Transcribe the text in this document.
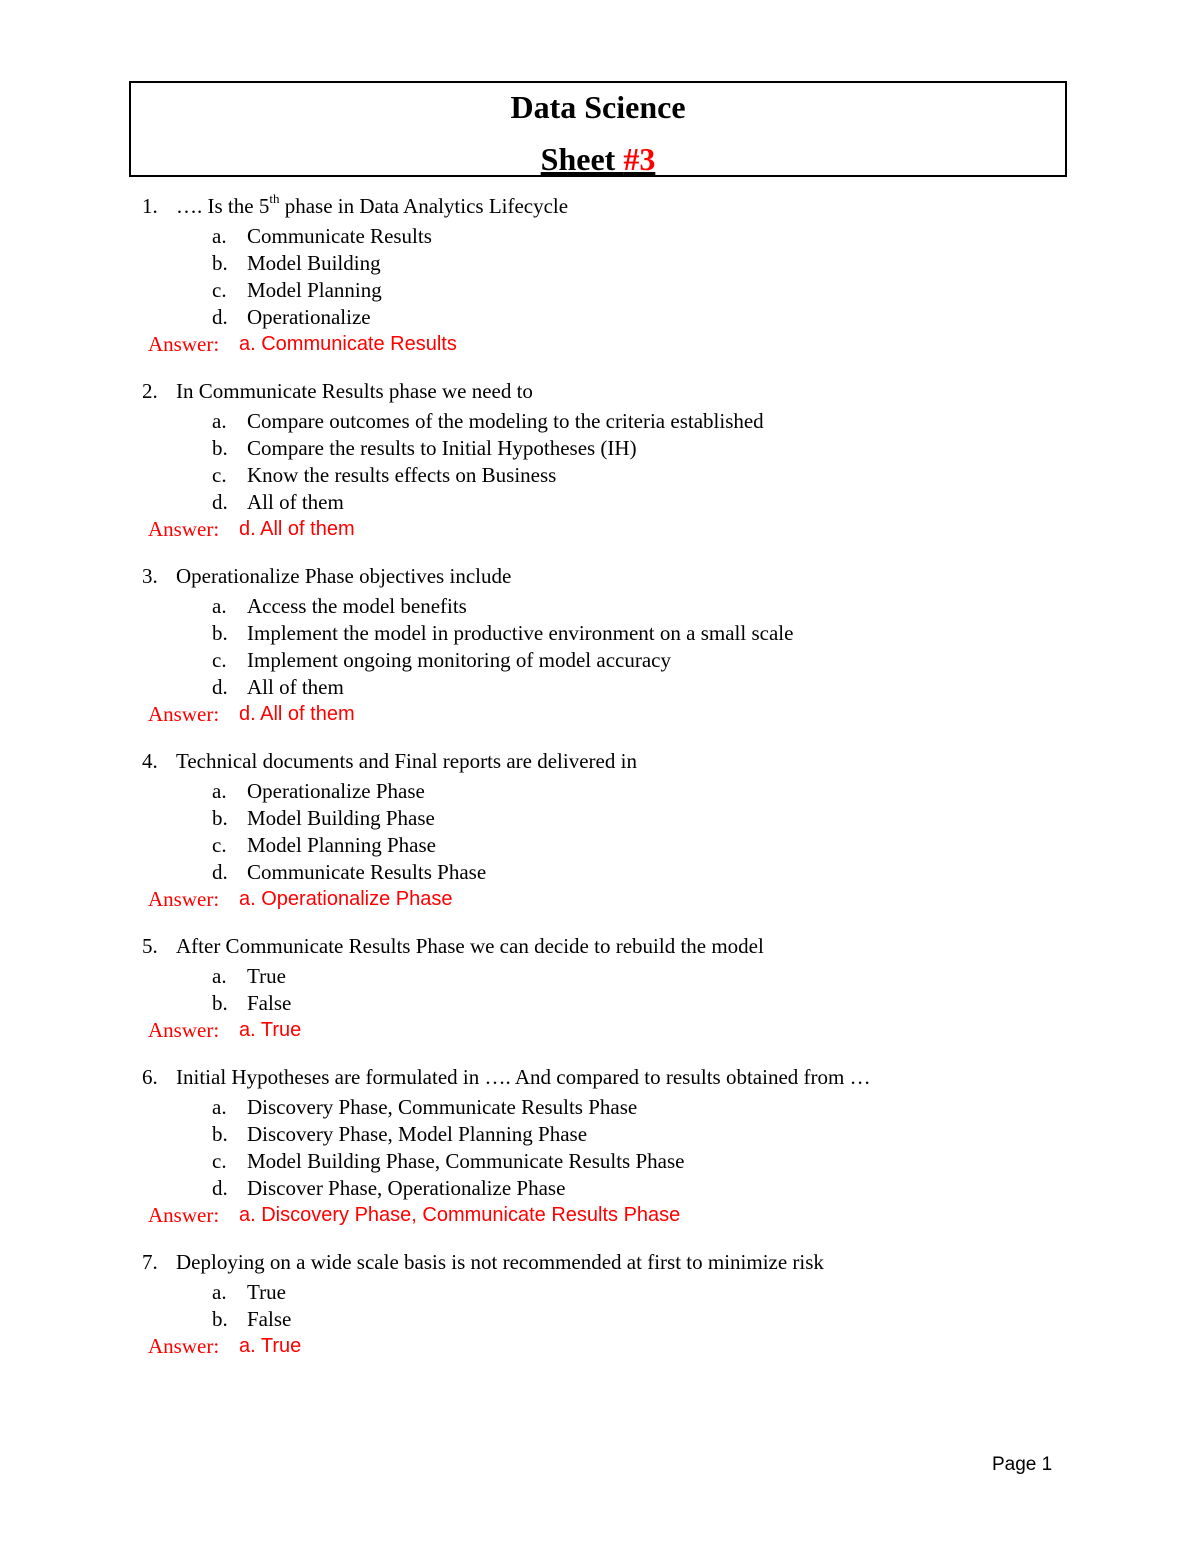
Data Science
Sheet #3
1. …. Is the 5th phase in Data Analytics Lifecycle
a. Communicate Results
b. Model Building
c. Model Planning
d. Operationalize
Answer: a. Communicate Results
2. In Communicate Results phase we need to
a. Compare outcomes of the modeling to the criteria established
b. Compare the results to Initial Hypotheses (IH)
c. Know the results effects on Business
d. All of them
Answer: d. All of them
3. Operationalize Phase objectives include
a. Access the model benefits
b. Implement the model in productive environment on a small scale
c. Implement ongoing monitoring of model accuracy
d. All of them
Answer: d. All of them
4. Technical documents and Final reports are delivered in
a. Operationalize Phase
b. Model Building Phase
c. Model Planning Phase
d. Communicate Results Phase
Answer: a. Operationalize Phase
5. After Communicate Results Phase we can decide to rebuild the model
a. True
b. False
Answer: a. True
6. Initial Hypotheses are formulated in …. And compared to results obtained from …
a. Discovery Phase, Communicate Results Phase
b. Discovery Phase, Model Planning Phase
c. Model Building Phase, Communicate Results Phase
d. Discover Phase, Operationalize Phase
Answer: a. Discovery Phase, Communicate Results Phase
7. Deploying on a wide scale basis is not recommended at first to minimize risk
a. True
b. False
Answer: a. True
Page 1
